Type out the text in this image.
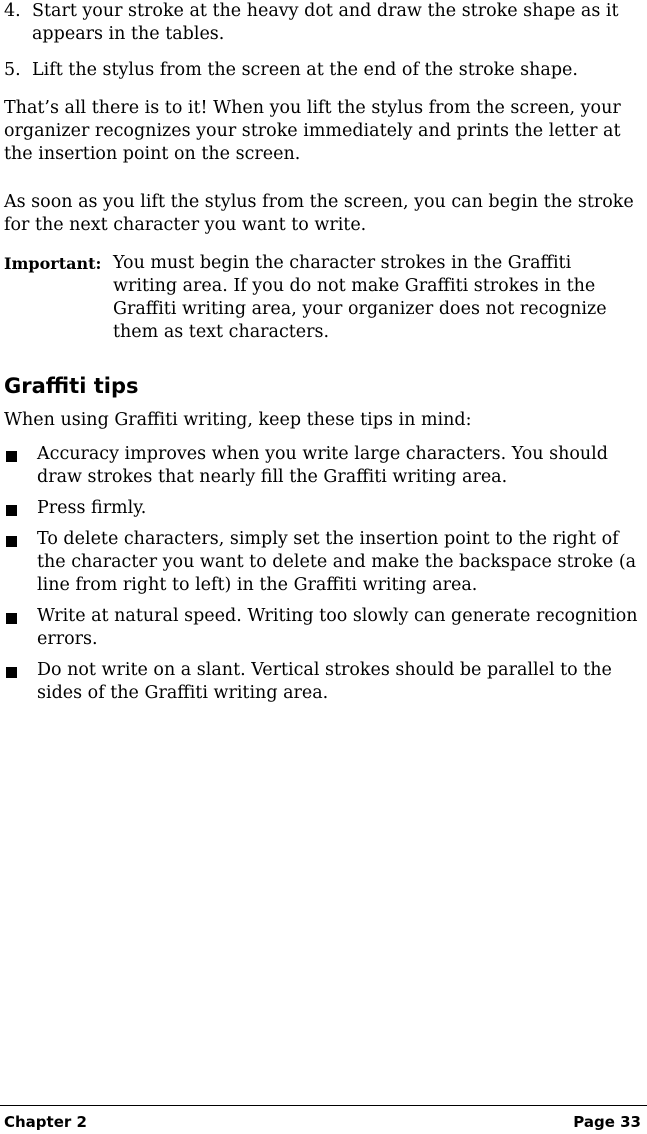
4. Start your stroke at the heavy dot and draw the stroke shape as it appears in the tables.
5. Lift the stylus from the screen at the end of the stroke shape.

That’s all there is to it! When you lift the stylus from the screen, your organizer recognizes your stroke immediately and prints the letter at the insertion point on the screen.

As soon as you lift the stylus from the screen, you can begin the stroke for the next character you want to write.

Important: You must begin the character strokes in the Graffiti writing area. If you do not make Graffiti strokes in the Graffiti writing area, your organizer does not recognize them as text characters.
Graffiti tips

When using Graffiti writing, keep these tips in mind:

Accuracy improves when you write large characters. You should draw strokes that nearly fill the Graffiti writing area.
Press firmly.
To delete characters, simply set the insertion point to the right of the character you want to delete and make the backspace stroke (a line from right to left) in the Graffiti writing area.
Write at natural speed. Writing too slowly can generate recognition errors.
Do not write on a slant. Vertical strokes should be parallel to the sides of the Graffiti writing area.
Chapter 2	Page 33
